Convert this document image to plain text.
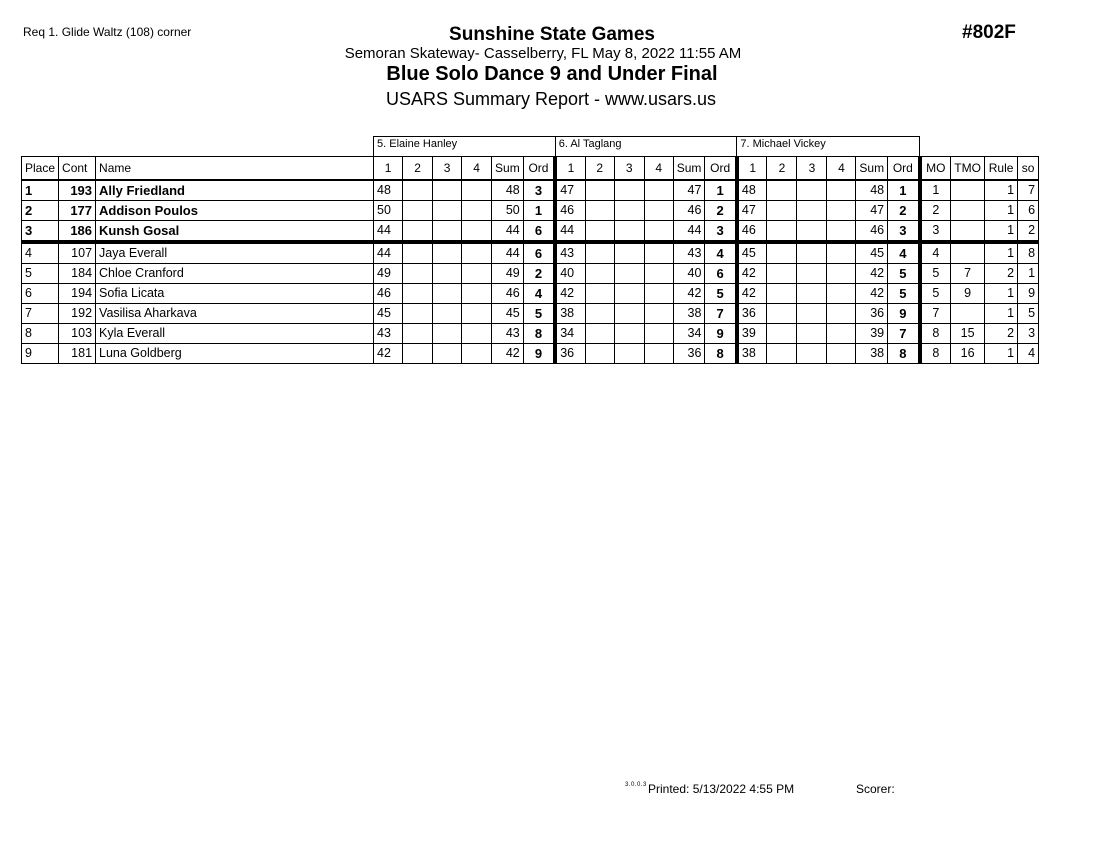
Req 1. Glide Waltz (108) corner	#802F
Sunshine State Games
Semoran Skateway- Casselberry, FL May 8, 2022 11:55 AM
Blue Solo Dance 9 and Under Final
USARS Summary Report - www.usars.us
			5. Elaine Hanley						6. Al Taglang						7. Michael Vickey									
Place	Cont	Name	1	2	3	4	Sum	Ord	1	2	3	4	Sum	Ord	1	2	3	4	Sum	Ord	MO	TMO	Rule	so
1	193	Ally Friedland	48				48	3	47				47	1	48				48	1	1		1	7
2	177	Addison Poulos	50				50	1	46				46	2	47				47	2	2		1	6
3	186	Kunsh Gosal	44				44	6	44				44	3	46				46	3	3		1	2
4	107	Jaya Everall	44				44	6	43				43	4	45				45	4	4		1	8
5	184	Chloe Cranford	49				49	2	40				40	6	42				42	5	5	7	2	1
6	194	Sofia Licata	46				46	4	42				42	5	42				42	5	5	9	1	9
7	192	Vasilisa Aharkava	45				45	5	38				38	7	36				36	9	7		1	5
8	103	Kyla Everall	43				43	8	34				34	9	39				39	7	8	15	2	3
9	181	Luna Goldberg	42				42	9	36				36	8	38				38	8	8	16	1	4
3.0.0.3 Printed: 5/13/2022 4:55 PM	Scorer:
